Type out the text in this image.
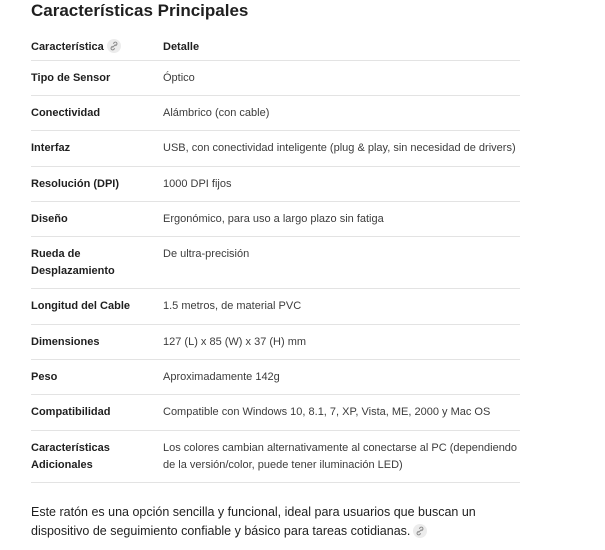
Características Principales
Característica	Detalle

Tipo de Sensor	Óptico

Conectividad	Alámbrico (con cable)

Interfaz	USB, con conectividad inteligente (plug & play, sin necesidad de drivers)

Resolución (DPI)	1000 DPI fijos

Diseño	Ergonómico, para uso a largo plazo sin fatiga

Rueda de Desplazamiento	De ultra-precisión

Longitud del Cable	1.5 metros, de material PVC

Dimensiones	127 (L) x 85 (W) x 37 (H) mm

Peso	Aproximadamente 142g

Compatibilidad	Compatible con Windows 10, 8.1, 7, XP, Vista, ME, 2000 y Mac OS

Características Adicionales	Los colores cambian alternativamente al conectarse al PC (dependiendo de la versión/color, puede tener iluminación LED)

Este ratón es una opción sencilla y funcional, ideal para usuarios que buscan un dispositivo de seguimiento confiable y básico para tareas cotidianas.
